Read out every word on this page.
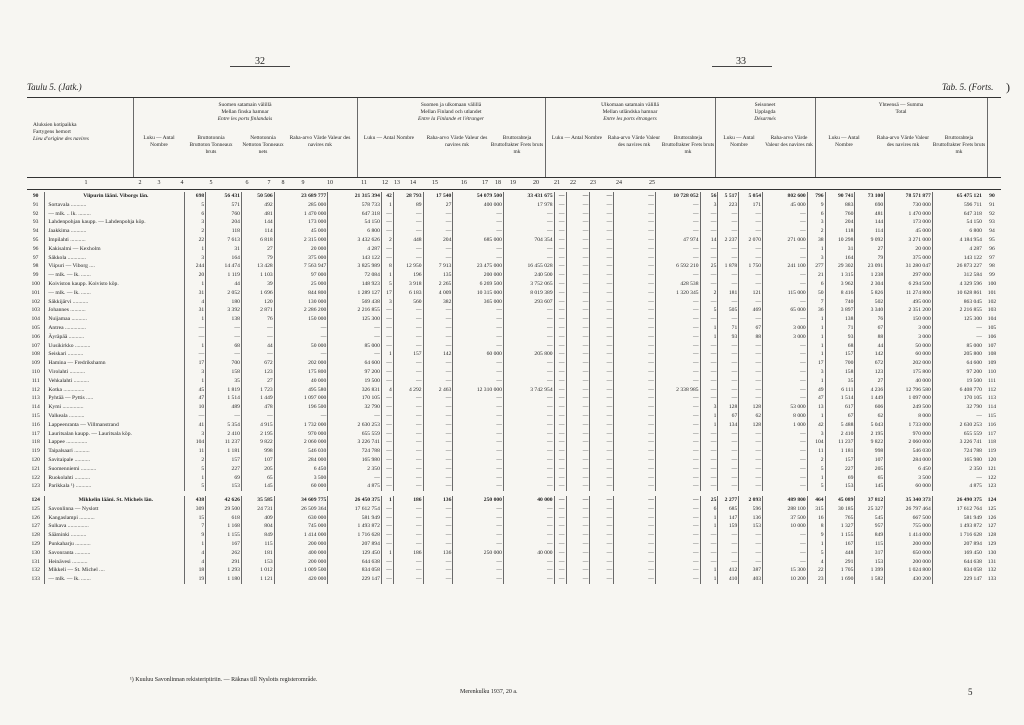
32	33
Taulu 5. (Jatk.)	Tab. 5. (Forts. )
Aluksien kotipaikka
Fartygens hemort
Lieu d'origine des navires
Suomen satamain välillä
Mellan finska hamnar
Entre les ports finlandais
Suomen ja ulkomaan välillä
Mellan Finland och utlandet
Entre la Finlande et l'étranger
Ulkomaan satamain välillä
Mellan utländska hamnar
Entre les ports étrangers
Seisoneet
Upplagda
Désarmés
Yhteensä — Summa
Total
Luku — Antal Nombre
Bruttotonnia Bruttoton Tonneaux bruts
Nettotonnia Nettoton Tonneaux nets
Raha-arvo Värde Valeur des navires mk
Luku — Antal Nombre	Raha-arvo Värde Valeur des navires mk
Bruttorahteja Bruttofrakter Frets bruts mk
Luku — Antal Nombre	Raha-arvo Värde Valeur des navires mk
Bruttorahteja Bruttofrakter Frets bruts mk
Luku — Antal Nombre
Raha-arvo Värde Valeur des navires mk
Luku — Antal Nombre
Raha-arvo Värde Valeur des navires mk
Bruttorahteja Bruttofrakter Frets bruts mk
1	2	3	4	5	6	7	8	9	10	11	12	13	14	15	16	17	18	19	20	21	22	23	24	25
90	Viipurin lääni. Viborgs län.	698	56 431	50 506	23 689 777	21 315 394	42	28 793	17 540	54 079 500	33 431 675	—	—	—	—	10 728 052	56	5 517	5 054	802 600	796	90 741	73 100	78 571 877	65 475 121	90
91	Sortavala ...........	5	571	492	285 000	578 733	1	89	27	400 000	17 978	—	—	—	—	—	3	223	171	45 000	9	883	690	730 000	596 711	91
92	— mlk. .. lk. .........	6	760	481	1 470 000	647 318	—	—	—	—	—	—	—	—	—	—	—	—	—	—	6	760	481	1 470 000	647 318	92
93	Lahdenpohjan kaupp. — Lahdenpohja köp.	3	204	144	173 000	54 150	—	—	—	—	—	—	—	—	—	—	—	—	—	—	3	204	144	173 000	54 150	93
94	Jaakkima ...........	2	118	114	45 000	6 800	—	—	—	—	—	—	—	—	—	—	—	—	—	—	2	118	114	45 000	6 800	94
95	Impilahti ...........	22	7 613	6 818	2 315 000	3 432 626	2	448	204	685 000	704 354	—	—	—	—	47 974	14	2 237	2 070	271 000	38	10 298	9 092	3 271 000	4 184 954	95
96	Kakisalmi — Kexholm	1	31	27	20 000	4 287	—	—	—	—	—	—	—	—	—	—	—	—	—	—	1	31	27	20 000	4 287	96
97	Säkkola .............	3	164	79	375 000	143 122	—	—	—	—	—	—	—	—	—	—	—	—	—	—	3	164	79	375 000	143 122	97
98	Viipuri — Viborg ....	244	14 474	13 428	7 563 947	3 825 989	8	12 950	7 913	23 475 000	16 455 028	—	—	—	—	6 592 210	25	1 878	1 750	241 100	277	29 302	23 091	31 280 047	26 873 227	98
99	— mlk. — lk. .......	20	1 119	1 103	97 000	72 084	1	196	135	200 000	240 500	—	—	—	—	—	—	—	—	—	21	1 315	1 238	297 000	312 584	99
100	Koiviston kaupp. Koivisto köp.	1	44	39	25 000	148 923	5	3 918	2 265	6 269 500	3 752 065	—	—	—	—	428 538	—	—	—	—	6	3 962	2 304	6 294 500	4 329 596	100
101	— mlk. — lk. .......	31	2 052	1 696	844 800	1 289 127	17	6 183	4 009	10 315 000	8 019 389	—	—	—	—	1 320 345	2	181	121	115 000	50	8 416	5 826	11 274 800	10 628 861	101
102	Säkkijärvi ...........	4	180	120	130 000	569 438	3	560	382	365 000	293 607	—	—	—	—	—	—	—	—	—	7	740	502	495 000	863 045	102
103	Johannes ...........	31	3 392	2 871	2 286 200	2 216 855	—	—	—	—	—	—	—	—	—	—	5	505	469	65 000	36	3 897	3 340	2 351 200	2 216 855	103
104	Nuijamaa ...........	1	138	76	150 000	125 300	—	—	—	—	—	—	—	—	—	—	—	—	—	—	1	138	76	150 000	125 300	104
105	Antrea ...............	—	—	—	—	—	—	—	—	—	—	—	—	—	—	—	1	71	67	3 000	1	71	67	3 000	—	105
106	Äyräpää ...........	—	—	—	—	—	—	—	—	—	—	—	—	—	—	—	1	93	88	3 000	1	93	88	3 000	—	106
107	Uusikirkko ...........	1	68	44	50 000	85 000	—	—	—	—	—	—	—	—	—	—	—	—	—	—	1	68	44	50 000	85 000	107
108	Seiskari ...........	—	—	—	—	—	1	157	142	60 000	205 800	—	—	—	—	—	—	—	—	—	1	157	142	60 000	205 800	108
109	Hamina — Fredrikshamn	17	700	672	202 000	64 600	—	—	—	—	—	—	—	—	—	—	—	—	—	—	17	700	672	202 000	64 600	109
110	Virolahti ...........	3	158	123	175 800	97 200	—	—	—	—	—	—	—	—	—	—	—	—	—	—	3	158	123	175 800	97 200	110
111	Vehkalahti ...........	1	35	27	40 000	19 500	—	—	—	—	—	—	—	—	—	—	—	—	—	—	1	35	27	40 000	19 500	111
112	Kotka ...............	45	1 819	1 723	495 580	326 831	4	4 292	2 463	12 310 000	3 742 954	—	—	—	—	2 338 985	—	—	—	—	49	6 111	4 236	12 796 580	6 408 770	112
113	Pyhtää — Pyttis .....	47	1 514	1 449	1 097 000	170 105	—	—	—	—	—	—	—	—	—	—	—	—	—	—	47	1 514	1 449	1 097 000	170 105	113
114	Kymi ...............	10	489	478	196 500	32 790	—	—	—	—	—	—	—	—	—	—	3	128	128	53 000	13	617	606	249 500	32 790	114
115	Valkeala ...........	—	—	—	—	—	—	—	—	—	—	—	—	—	—	—	1	67	62	8 000	1	67	62	8 000	—	115
116	Lappeenranta — Villmanstrand	41	5 354	4 915	1 732 000	2 630 253	—	—	—	—	—	—	—	—	—	—	1	134	128	1 000	42	5 488	5 043	1 733 000	2 630 253	116
117	Lauritsalan kaupp. — Lauritsala köp.	3	2 410	2 195	970 000	655 559	—	—	—	—	—	—	—	—	—	—	—	—	—	—	3	2 410	2 195	970 000	655 559	117
118	Lappee ...............	104	11 237	9 822	2 060 000	3 226 741	—	—	—	—	—	—	—	—	—	—	—	—	—	—	104	11 237	9 822	2 060 000	3 226 741	118
119	Taipalsaari ...........	11	1 181	998	546 030	724 788	—	—	—	—	—	—	—	—	—	—	—	—	—	—	11	1 181	998	546 030	724 788	119
120	Savitaipale ...........	2	157	107	284 000	165 980	—	—	—	—	—	—	—	—	—	—	—	—	—	—	2	157	107	284 000	165 980	120
121	Suomenniemi ...........	5	227	205	6 450	2 350	—	—	—	—	—	—	—	—	—	—	—	—	—	—	5	227	205	6 450	2 350	121
122	Ruokolahti ...........	1	69	65	3 500	—	—	—	—	—	—	—	—	—	—	—	—	—	—	—	1	69	65	3 500	—	122
123	Parikkala ¹) ...........	5	153	145	60 000	4 875	—	—	—	—	—	—	—	—	—	—	—	—	—	—	5	153	145	60 000	4 875	123

124	Mikkelin lääni. St. Michels län.	438	42 626	35 585	34 609 775	26 450 375	1	186	136	250 000	40 000	—	—	—	—	—	25	2 277	2 093	489 800	464	45 089	37 812	35 340 373	26 490 375	124
125	Savonlinna — Nyslott	309	29 500	24 731	26 509 364	17 612 754	—	—	—	—	—	—	—	—	—	—	6	685	596	288 100	315	30 185	25 327	26 797 464	17 612 764	125
126	Kangaslampi ...........	15	618	409	630 000	581 949	—	—	—	—	—	—	—	—	—	—	1	147	136	37 500	16	765	545	667 500	581 949	126
127	Sulkava ...............	7	1 168	804	745 000	1 493 872	—	—	—	—	—	—	—	—	—	—	1	159	153	10 000	8	1 327	957	755 000	1 493 872	127
128	Sääminki ...........	9	1 155	849	1 414 000	1 716 628	—	—	—	—	—	—	—	—	—	—	—	—	—	—	9	1 155	849	1 414 000	1 716 628	128
129	Punkaharju ...........	1	167	115	200 000	207 894	—	—	—	—	—	—	—	—	—	—	—	—	—	—	1	167	115	200 000	207 894	129
130	Savonranta ...........	4	262	181	400 000	129 450	1	186	136	250 000	40 000	—	—	—	—	—	—	—	—	—	5	448	317	650 000	169 450	130
131	Heinävesi ...........	4	291	153	200 000	644 638	—	—	—	—	—	—	—	—	—	—	—	—	—	—	4	291	153	200 000	644 638	131
132	Mikkeli — St. Michel ....	18	1 293	1 012	1 009 500	834 058	—	—	—	—	—	—	—	—	—	—	1	412	387	15 300	22	1 705	1 399	1 024 800	834 058	132
133	— mlk. — lk. .......	19	1 180	1 121	420 000	229 147	—	—	—	—	—	—	—	—	—	—	1	410	403	10 200	23	1 690	1 582	430 200	229 147	133
¹) Kuuluu Savonlinnan rekisteripiiriin. — Räknas till Nyslotts registerområde.
Merenkulku 1937, 20 a.	5
